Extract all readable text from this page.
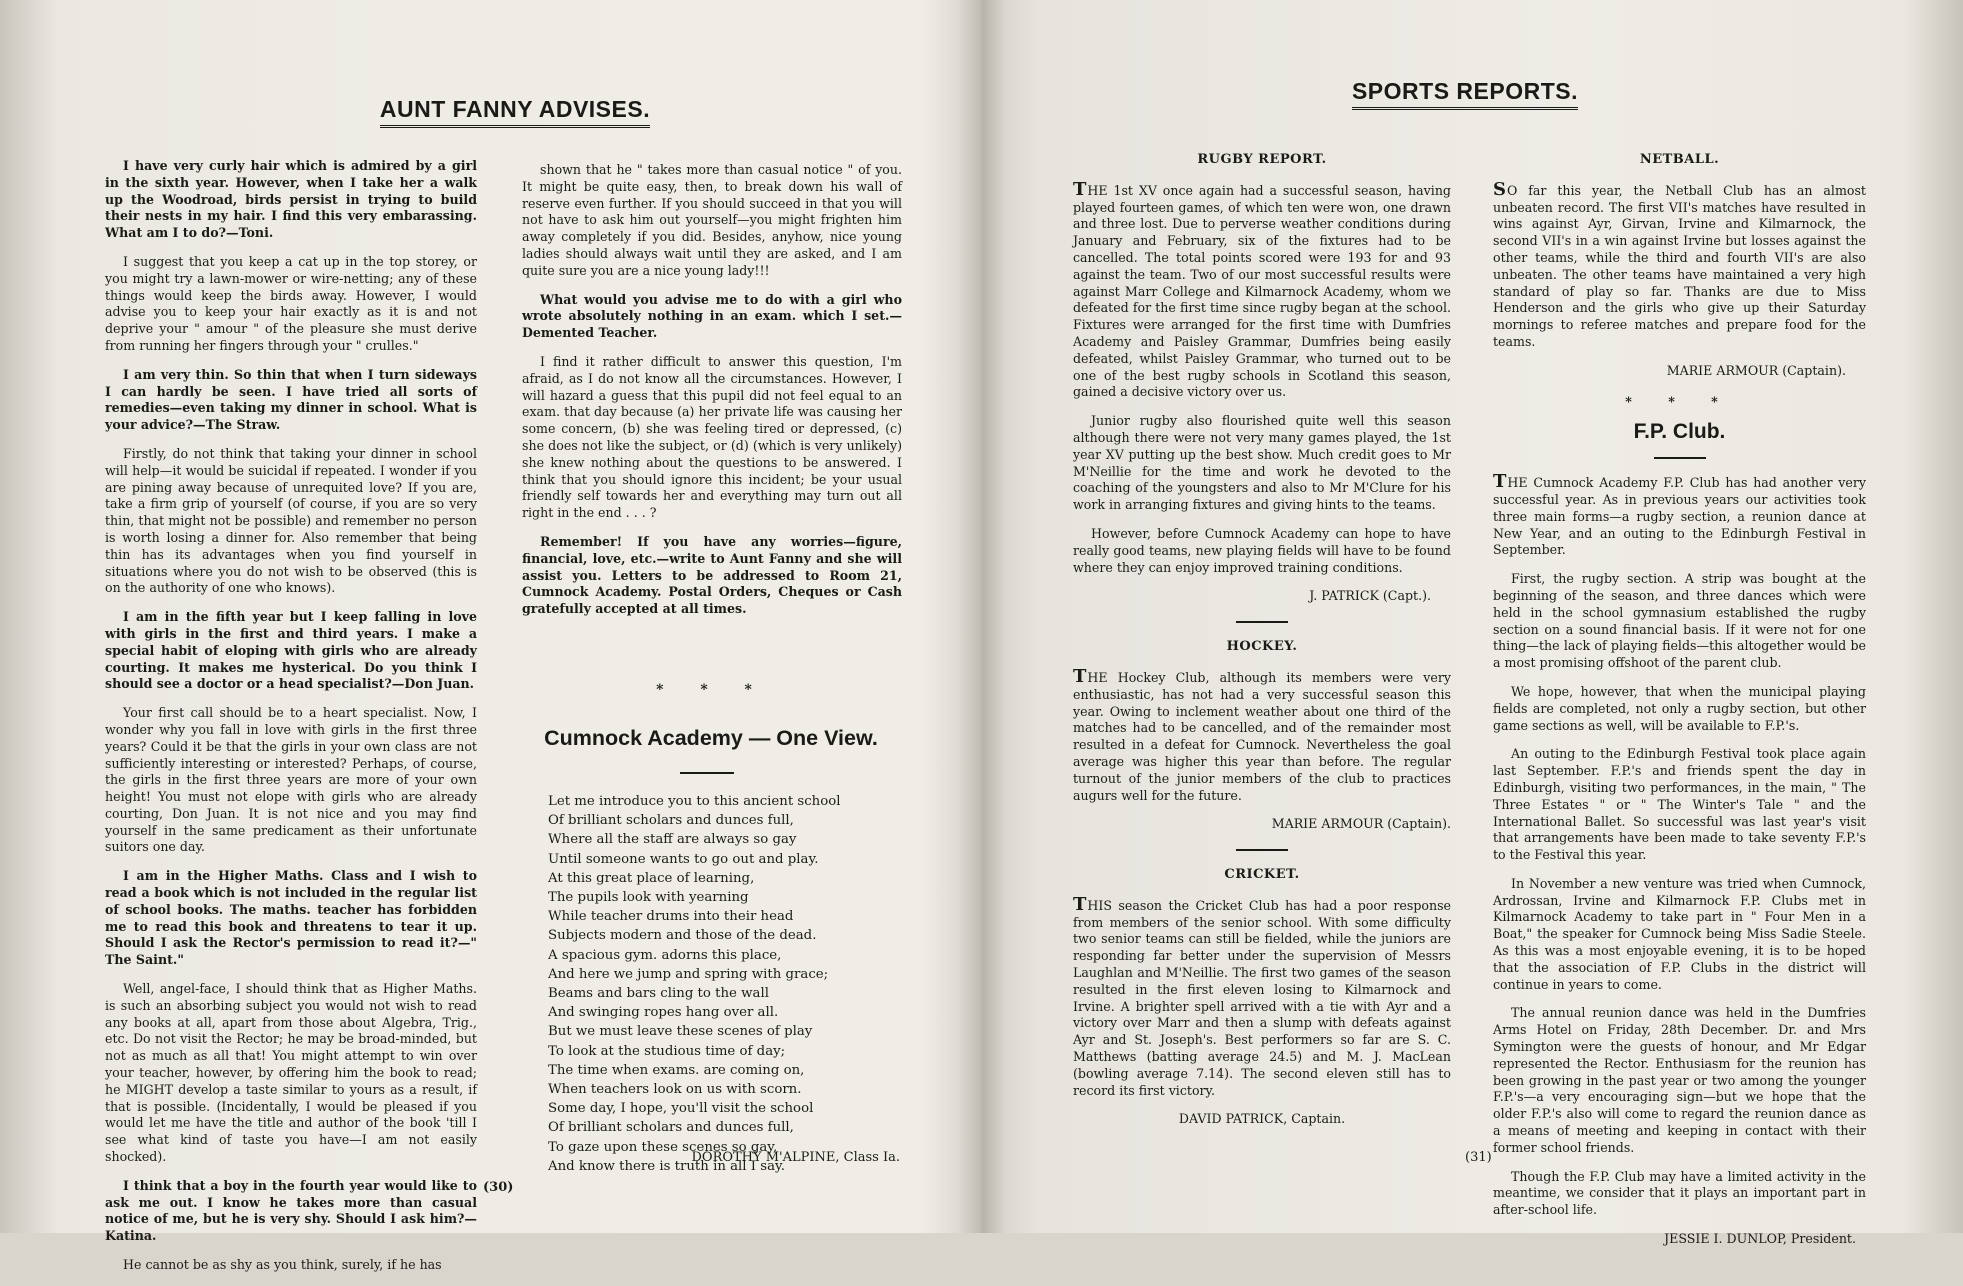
AUNT FANNY ADVISES.

I have very curly hair which is admired by a girl in the sixth year. However, when I take her a walk up the Woodroad, birds persist in trying to build their nests in my hair. I find this very embarassing. What am I to do?—Toni.

I suggest that you keep a cat up in the top storey, or you might try a lawn-mower or wire-netting; any of these things would keep the birds away. However, I would advise you to keep your hair exactly as it is and not deprive your " amour " of the pleasure she must derive from running her fingers through your " crulles."

I am very thin. So thin that when I turn sideways I can hardly be seen. I have tried all sorts of remedies—even taking my dinner in school. What is your advice?—The Straw.

Firstly, do not think that taking your dinner in school will help—it would be suicidal if repeated. I wonder if you are pining away because of unrequited love? If you are, take a firm grip of yourself (of course, if you are so very thin, that might not be possible) and remember no person is worth losing a dinner for. Also remember that being thin has its advantages when you find yourself in situations where you do not wish to be observed (this is on the authority of one who knows).

I am in the fifth year but I keep falling in love with girls in the first and third years. I make a special habit of eloping with girls who are already courting. It makes me hysterical. Do you think I should see a doctor or a head specialist?—Don Juan.

Your first call should be to a heart specialist. Now, I wonder why you fall in love with girls in the first three years? Could it be that the girls in your own class are not sufficiently interesting or interested? Perhaps, of course, the girls in the first three years are more of your own height! You must not elope with girls who are already courting, Don Juan. It is not nice and you may find yourself in the same predicament as their unfortunate suitors one day.

I am in the Higher Maths. Class and I wish to read a book which is not included in the regular list of school books. The maths. teacher has forbidden me to read this book and threatens to tear it up. Should I ask the Rector's permission to read it?—" The Saint."

Well, angel-face, I should think that as Higher Maths. is such an absorbing subject you would not wish to read any books at all, apart from those about Algebra, Trig., etc. Do not visit the Rector; he may be broad-minded, but not as much as all that! You might attempt to win over your teacher, however, by offering him the book to read; he MIGHT develop a taste similar to yours as a result, if that is possible. (Incidentally, I would be pleased if you would let me have the title and author of the book 'till I see what kind of taste you have—I am not easily shocked).

I think that a boy in the fourth year would like to ask me out. I know he takes more than casual notice of me, but he is very shy. Should I ask him?—Katina.

He cannot be as shy as you think, surely, if he has

shown that he " takes more than casual notice " of you. It might be quite easy, then, to break down his wall of reserve even further. If you should succeed in that you will not have to ask him out yourself—you might frighten him away completely if you did. Besides, anyhow, nice young ladies should always wait until they are asked, and I am quite sure you are a nice young lady!!!

What would you advise me to do with a girl who wrote absolutely nothing in an exam. which I set.—Demented Teacher.

I find it rather difficult to answer this question, I'm afraid, as I do not know all the circumstances. However, I will hazard a guess that this pupil did not feel equal to an exam. that day because (a) her private life was causing her some concern, (b) she was feeling tired or depressed, (c) she does not like the subject, or (d) (which is very unlikely) she knew nothing about the questions to be answered. I think that you should ignore this incident; be your usual friendly self towards her and everything may turn out all right in the end . . . ?

Remember! If you have any worries—figure, financial, love, etc.—write to Aunt Fanny and she will assist you. Letters to be addressed to Room 21, Cumnock Academy. Postal Orders, Cheques or Cash gratefully accepted at all times.

* * *
Cumnock Academy — One View.
Let me introduce you to this ancient school
Of brilliant scholars and dunces full,
Where all the staff are always so gay
Until someone wants to go out and play.
At this great place of learning,
The pupils look with yearning
While teacher drums into their head
Subjects modern and those of the dead.
A spacious gym. adorns this place,
And here we jump and spring with grace;
Beams and bars cling to the wall
And swinging ropes hang over all.
But we must leave these scenes of play
To look at the studious time of day;
The time when exams. are coming on,
When teachers look on us with scorn.
Some day, I hope, you'll visit the school
Of brilliant scholars and dunces full,
To gaze upon these scenes so gay,
And know there is truth in all I say.
DOROTHY M'ALPINE, Class Ia.
(30)
SPORTS REPORTS.
RUGBY REPORT.

THE 1st XV once again had a successful season, having played fourteen games, of which ten were won, one drawn and three lost. Due to perverse weather conditions during January and February, six of the fixtures had to be cancelled. The total points scored were 193 for and 93 against the team. Two of our most successful results were against Marr College and Kilmarnock Academy, whom we defeated for the first time since rugby began at the school. Fixtures were arranged for the first time with Dumfries Academy and Paisley Grammar, Dumfries being easily defeated, whilst Paisley Grammar, who turned out to be one of the best rugby schools in Scotland this season, gained a decisive victory over us.

Junior rugby also flourished quite well this season although there were not very many games played, the 1st year XV putting up the best show. Much credit goes to Mr M'Neillie for the time and work he devoted to the coaching of the youngsters and also to Mr M'Clure for his work in arranging fixtures and giving hints to the teams.

However, before Cumnock Academy can hope to have really good teams, new playing fields will have to be found where they can enjoy improved training conditions.

J. PATRICK (Capt.).

HOCKEY.

THE Hockey Club, although its members were very enthusiastic, has not had a very successful season this year. Owing to inclement weather about one third of the matches had to be cancelled, and of the remainder most resulted in a defeat for Cumnock. Nevertheless the goal average was higher this year than before. The regular turnout of the junior members of the club to practices augurs well for the future.

MARIE ARMOUR (Captain).

CRICKET.

THIS season the Cricket Club has had a poor response from members of the senior school. With some difficulty two senior teams can still be fielded, while the juniors are responding far better under the supervision of Messrs Laughlan and M'Neillie. The first two games of the season resulted in the first eleven losing to Kilmarnock and Irvine. A brighter spell arrived with a tie with Ayr and a victory over Marr and then a slump with defeats against Ayr and St. Joseph's. Best performers so far are S. C. Matthews (batting average 24.5) and M. J. MacLean (bowling average 7.14). The second eleven still has to record its first victory.

DAVID PATRICK, Captain.

NETBALL.

SO far this year, the Netball Club has an almost unbeaten record. The first VII's matches have resulted in wins against Ayr, Girvan, Irvine and Kilmarnock, the second VII's in a win against Irvine but losses against the other teams, while the third and fourth VII's are also unbeaten. The other teams have maintained a very high standard of play so far. Thanks are due to Miss Henderson and the girls who give up their Saturday mornings to referee matches and prepare food for the teams.

MARIE ARMOUR (Captain).

* * *

F.P. Club.

THE Cumnock Academy F.P. Club has had another very successful year. As in previous years our activities took three main forms—a rugby section, a reunion dance at New Year, and an outing to the Edinburgh Festival in September.

First, the rugby section. A strip was bought at the beginning of the season, and three dances which were held in the school gymnasium established the rugby section on a sound financial basis. If it were not for one thing—the lack of playing fields—this altogether would be a most promising offshoot of the parent club.

We hope, however, that when the municipal playing fields are completed, not only a rugby section, but other game sections as well, will be available to F.P.'s.

An outing to the Edinburgh Festival took place again last September. F.P.'s and friends spent the day in Edinburgh, visiting two performances, in the main, " The Three Estates " or " The Winter's Tale " and the International Ballet. So successful was last year's visit that arrangements have been made to take seventy F.P.'s to the Festival this year.

In November a new venture was tried when Cumnock, Ardrossan, Irvine and Kilmarnock F.P. Clubs met in Kilmarnock Academy to take part in " Four Men in a Boat," the speaker for Cumnock being Miss Sadie Steele. As this was a most enjoyable evening, it is to be hoped that the association of F.P. Clubs in the district will continue in years to come.

The annual reunion dance was held in the Dumfries Arms Hotel on Friday, 28th December. Dr. and Mrs Symington were the guests of honour, and Mr Edgar represented the Rector. Enthusiasm for the reunion has been growing in the past year or two among the younger F.P.'s—a very encouraging sign—but we hope that the older F.P.'s also will come to regard the reunion dance as a means of meeting and keeping in contact with their former school friends.

Though the F.P. Club may have a limited activity in the meantime, we consider that it plays an important part in after-school life.

JESSIE I. DUNLOP, President.

(31)
